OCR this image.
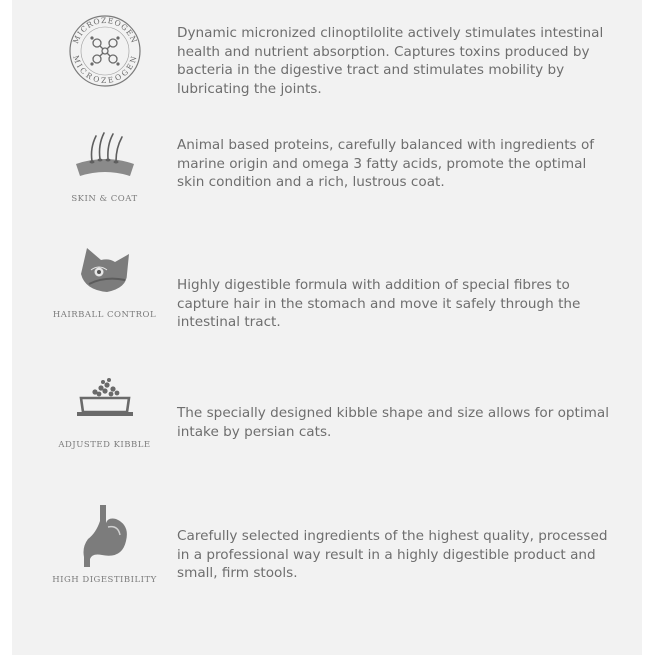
MICROZEOGEN
MICROZEOGEN

Dynamic micronized clinoptilolite actively stimulates intestinal health and nutrient absorption. Captures toxins produced by bacteria in the digestive tract and stimulates mobility by lubricating the joints.

SKIN & COAT

Animal based proteins, carefully balanced with ingredients of marine origin and omega 3 fatty acids, promote the optimal skin condition and a rich, lustrous coat.

HAIRBALL CONTROL

Highly digestible formula with addition of special fibres to capture hair in the stomach and move it safely through the intestinal tract.

ADJUSTED KIBBLE

The specially designed kibble shape and size allows for optimal intake by persian cats.

HIGH DIGESTIBILITY

Carefully selected ingredients of the highest quality, processed in a professional way result in a highly digestible product and small, firm stools.
